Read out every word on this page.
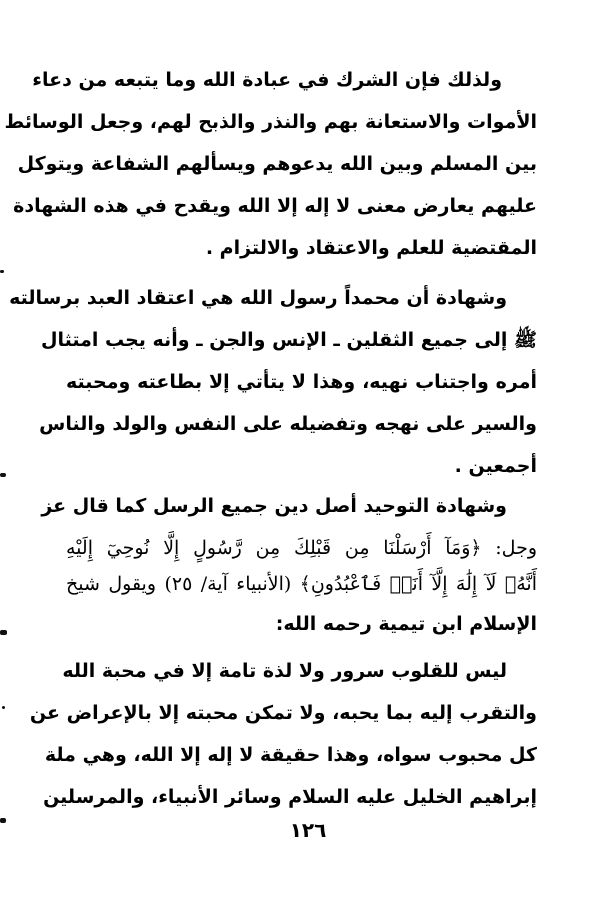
ولذلك فإن الشرك في عبادة الله وما يتبعه من دعاء
الأموات والاستعانة بهم والنذر والذبح لهم، وجعل الوسائط
بين المسلم وبين الله يدعوهم ويسألهم الشفاعة ويتوكل
عليهم يعارض معنى لا إله إلا الله ويقدح في هذه الشهادة
المقتضية للعلم والاعتقاد والالتزام .
وشهادة أن محمداً رسول الله هي اعتقاد العبد برسالته
ﷺ إلى جميع الثقلين ـ الإنس والجن ـ وأنه يجب امتثال
أمره واجتناب نهيه، وهذا لا يتأتي إلا بطاعته ومحبته
والسير على نهجه وتفضيله على النفس والولد والناس
أجمعين .
وشهادة التوحيد أصل دين جميع الرسل كما قال عز
وجل: ﴿وَمَآ أَرْسَلْنَا مِن قَبْلِكَ مِن رَّسُولٍ إِلَّا نُوحِيٓ إِلَيْهِ
أَنَّهُۥ لَآ إِلَٰهَ إِلَّآ أَنَا۠ فَٱعْبُدُونِ﴾ (الأنبياء آية/ ٢٥) ويقول شيخ
الإسلام ابن تيمية رحمه الله:
ليس للقلوب سرور ولا لذة تامة إلا في محبة الله
والتقرب إليه بما يحبه، ولا تمكن محبته إلا بالإعراض عن
كل محبوب سواه، وهذا حقيقة لا إله إلا الله، وهي ملة
إبراهيم الخليل عليه السلام وسائر الأنبياء، والمرسلين
١٢٦
